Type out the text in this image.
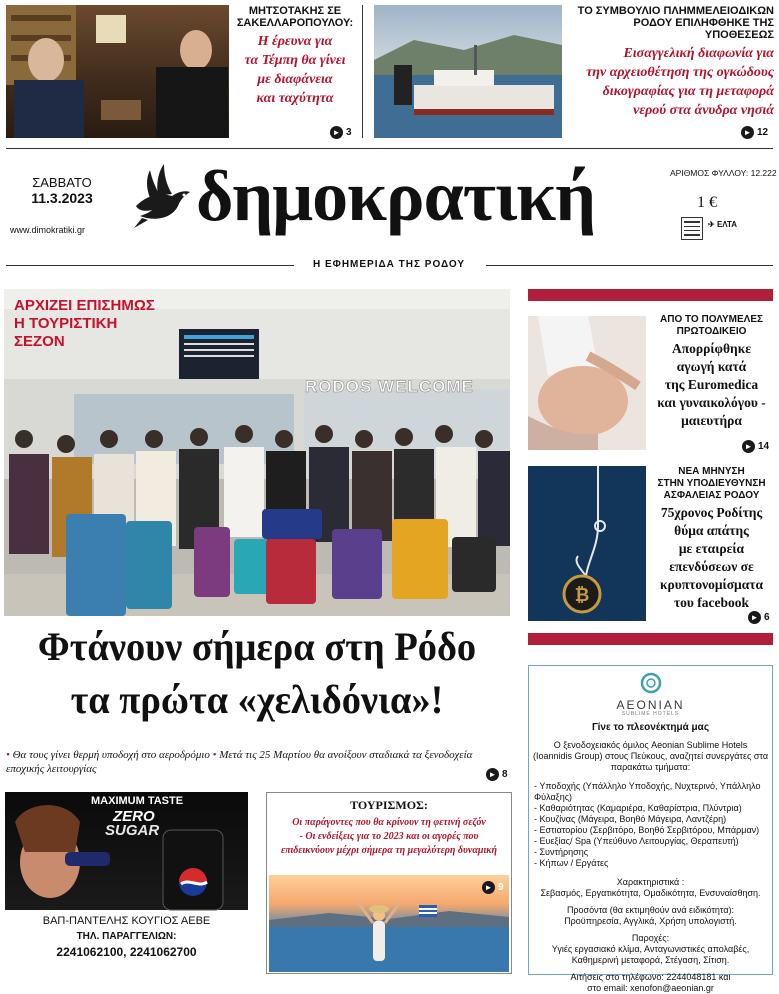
ΜΗΤΣΟΤΑΚΗΣ ΣΕ
ΣΑΚΕΛΛΑΡΟΠΟΥΛΟΥ:
Η έρευνα για
τα Τέμπη θα γίνει
με διαφάνεια
και ταχύτητα
► 3
ΤΟ ΣΥΜΒΟΥΛΙΟ ΠΛΗΜΜΕΛΕΙΟΔΙΚΩΝ
ΡΟΔΟΥ ΕΠΙΛΗΦΘΗΚΕ ΤΗΣ ΥΠΟΘΕΣΕΩΣ
Εισαγγελική διαφωνία για
την αρχειοθέτηση της ογκώδους
δικογραφίας για τη μεταφορά
νερού στα άνυδρα νησιά
► 12
ΣΑΒΒΑΤΟ
11.3.2023
www.dimokratiki.gr δημοκρατική	ΑΡΙΘΜΟΣ ΦΥΛΛΟΥ: 12.222
1 €
✈ ΕΛΤΑ
Η ΕΦΗΜΕΡΙΔΑ ΤΗΣ ΡΟΔΟΥ
ΑΡΧΙΖΕΙ ΕΠΙΣΗΜΩΣ
Η ΤΟΥΡΙΣΤΙΚΗ
ΣΕΖΟΝ
RODOS WELCOME
Φτάνουν σήμερα στη Ρόδο
τα πρώτα «χελιδόνια»!
• Θα τους γίνει θερμή υποδοχή στο αεροδρόμιο • Μετά τις 25 Μαρτίου θα ανοίξουν σταδιακά τα ξενοδοχεία εποχικής λειτουργίας	► 8
ΑΠΟ ΤΟ ΠΟΛΥΜΕΛΕΣ
ΠΡΩΤΟΔΙΚΕΙΟ
Απορρίφθηκε
αγωγή κατά
της Euromedica
και γυναικολόγου -
μαιευτήρα
► 14
₿
ΝΕΑ ΜΗΝΥΣΗ
ΣΤΗΝ ΥΠΟΔΙΕΥΘΥΝΣΗ
ΑΣΦΑΛΕΙΑΣ ΡΟΔΟΥ
75χρονος Ροδίτης
θύμα απάτης
με εταιρεία
επενδύσεων σε
κρυπτονομίσματα
του facebook
► 6
AEONIAN
SUBLIME HOTELS
Γίνε το πλεονέκτημά μας
Ο ξενοδοχειακός όμιλος Aeonian Sublime Hotels
(Ioannidis Group) στους Πεύκους, αναζητεί συνεργάτες στα
παρακάτω τμήματα:
- Υποδοχής (Υπάλληλο Υποδοχής, Νυχτερινό, Υπάλληλο Φύλαξης)
- Καθαριότητας (Καμαριέρα, Καθαρίστρια, Πλύντρια)
- Κουζίνας (Μάγειρα, Βοηθό Μάγειρα, Λαντζέρη)
- Εστιατορίου (Σερβιτόρο, Βοηθό Σερβιτόρου, Μπάρμαν)
- Ευεξίας/ Spa (Υπεύθυνο Λειτουργίας, Θεραπευτή)
- Συντήρησης
- Κήπων / Εργάτες
Χαρακτηριστικά :
Σεβασμός, Εργατικότητα, Ομαδικότητα, Ενσυναίσθηση.
Προσόντα (θα εκτιμηθούν ανά ειδικότητα):
Προϋπηρεσία, Αγγλικά, Χρήση υπολογιστή.
Παροχές:
Υγιές εργασιακό κλίμα, Ανταγωνιστικές απολαβές,
Καθημερινή μεταφορά, Στέγαση, Σίτιση.
Αιτήσεις στο τηλέφωνο: 2244048181 και
στο email: xenofon@aeonian.gr
MAXIMUM TASTE
ZERO
SUGAR
ΒΑΠ-ΠΑΝΤΕΛΗΣ ΚΟΥΓΙΟΣ ΑΕΒΕ
ΤΗΛ. ΠΑΡΑΓΓΕΛΙΩΝ:
2241062100, 2241062700
ΤΟΥΡΙΣΜΟΣ:
Οι παράγοντες που θα κρίνουν τη φετινή σεζόν
- Οι ενδείξεις για το 2023 και οι αγορές που
επιδεικνύουν μέχρι σήμερα τη μεγαλύτερη δυναμική
► 9
